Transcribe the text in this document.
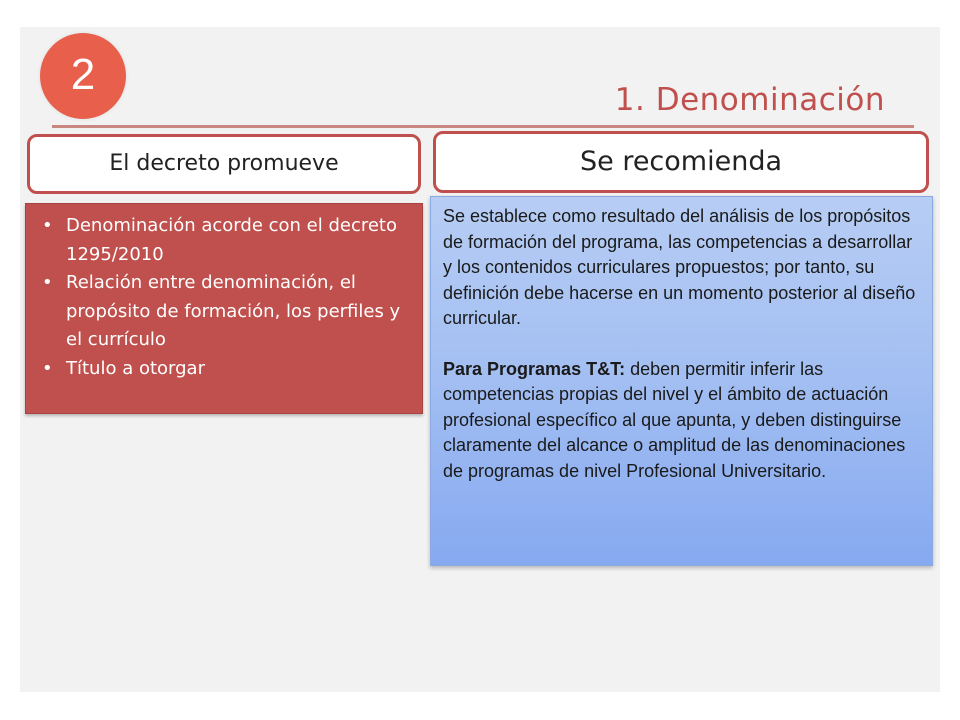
2
1. Denominación
El decreto promueve	Se recomienda
• Denominación acorde con el decreto 1295/2010
• Relación entre denominación, el propósito de formación, los perfiles y el currículo
• Título a otorgar

Se establece como resultado del análisis de los propósitos de formación del programa, las competencias a desarrollar y los contenidos curriculares propuestos; por tanto, su definición debe hacerse en un momento posterior al diseño curricular.

Para Programas T&T: deben permitir inferir las competencias propias del nivel y el ámbito de actuación profesional específico al que apunta, y deben distinguirse claramente del alcance o amplitud de las denominaciones de programas de nivel Profesional Universitario.
